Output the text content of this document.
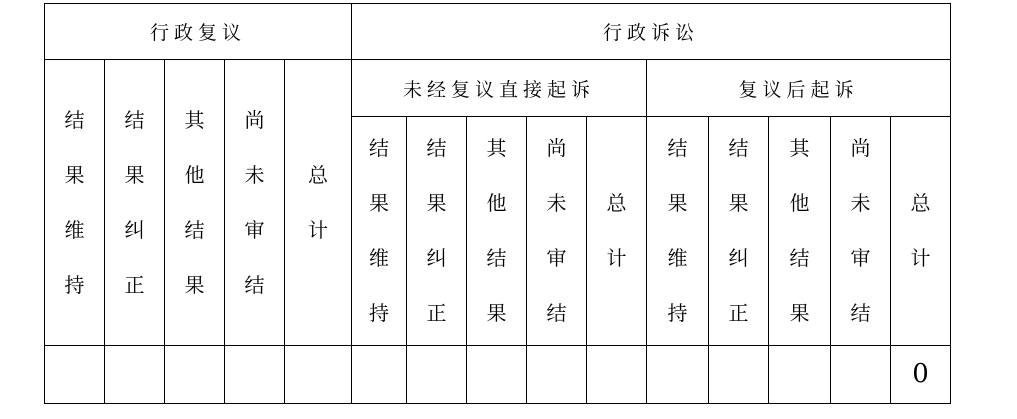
行政复议					行政诉讼									
结果维持	结果纠正	其他结果	尚未审结	总计	未经复议直接起诉					复议后起诉				
					结果维持	结果纠正	其他结果	尚未审结	总计	结果维持	结果纠正	其他结果	尚未审结	总计
														0
